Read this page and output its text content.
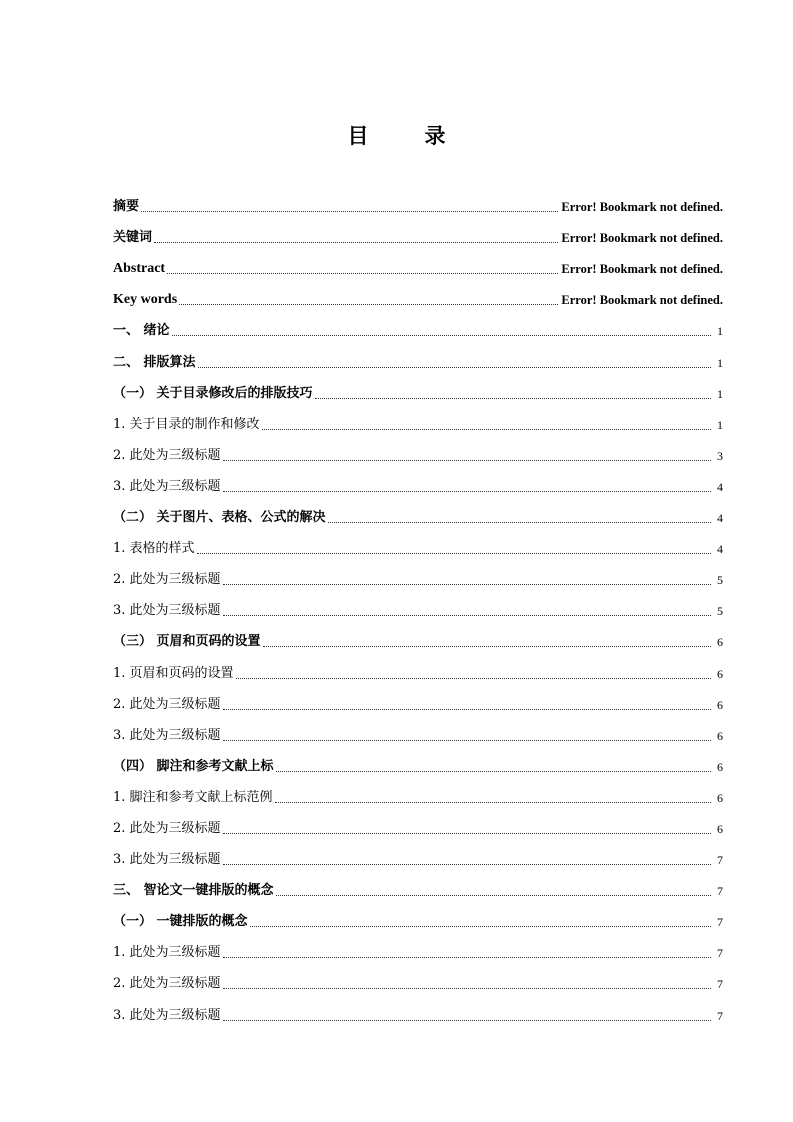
目	录
摘要	Error! Bookmark not defined.
关键词	Error! Bookmark not defined.
Abstract	Error! Bookmark not defined.
Key words	Error! Bookmark not defined.
一、 绪论	1
二、 排版算法	1
（一） 关于目录修改后的排版技巧	1
1. 关于目录的制作和修改	1
2. 此处为三级标题	3
3. 此处为三级标题	4
（二） 关于图片、表格、公式的解决	4
1. 表格的样式	4
2. 此处为三级标题	5
3. 此处为三级标题	5
（三） 页眉和页码的设置	6
1. 页眉和页码的设置	6
2. 此处为三级标题	6
3. 此处为三级标题	6
（四） 脚注和参考文献上标	6
1. 脚注和参考文献上标范例	6
2. 此处为三级标题	6
3. 此处为三级标题	7
三、 智论文一键排版的概念	7
（一） 一键排版的概念	7
1. 此处为三级标题	7
2. 此处为三级标题	7
3. 此处为三级标题	7
